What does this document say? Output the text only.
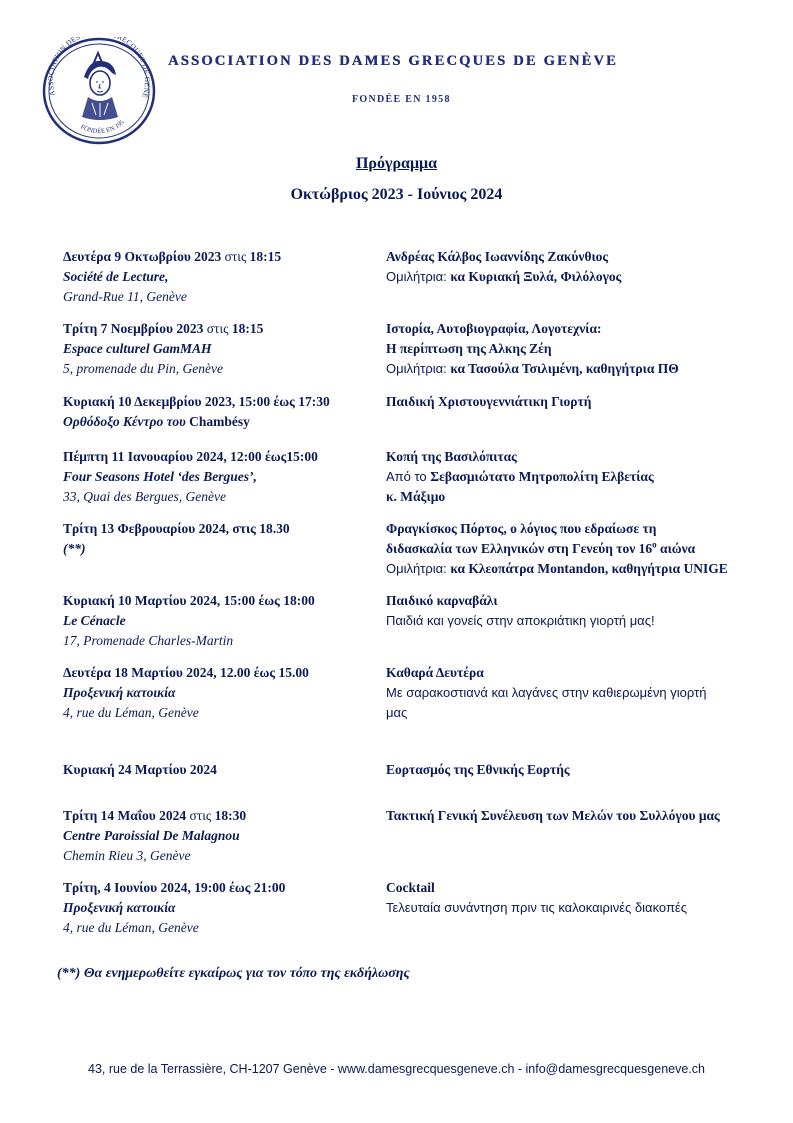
ASSOCIATION DES RECQUES DE GENÈ
FONDÉE EN 195
ASSOCIATION DES DAMES GRECQUES DE GENÈVE
FONDÉE EN 1958
Πρόγραμμα
Οκτώβριος 2023 - Ιούνιος 2024
Δευτέρα 9 Οκτωβρίου 2023 στις 18:15
Société de Lecture,
Grand-Rue 11, Genève
Ανδρέας Κάλβος Ιωαννίδης Ζακύνθιος
Ομιλήτρια: κα Κυριακή Ξυλά, Φιλόλογος
Τρίτη 7 Νοεμβρίου 2023 στις 18:15
Espace culturel GamMAH
5, promenade du Pin, Genève
Ιστορία, Αυτοβιογραφία, Λογοτεχνία:
Η περίπτωση της Αλκης Ζέη
Ομιλήτρια: κα Τασούλα Τσιλιμένη, καθηγήτρια ΠΘ
Κυριακή 10 Δεκεμβρίου 2023, 15:00 έως 17:30
Ορθόδοξο Κέντρο του Chambésy
Παιδική Χριστουγεννιάτικη Γιορτή
Πέμπτη 11 Ιανουαρίου 2024, 12:00 έως15:00
Four Seasons Hotel ‘des Bergues’,
33, Quai des Bergues, Genève
Κοπή της Βασιλόπιτας
Από το Σεβασμιώτατο Μητροπολίτη Ελβετίας
κ. Μάξιμο
Τρίτη 13 Φεβρουαρίου 2024, στις 18.30
(**)
Φραγκίσκος Πόρτος, ο λόγιος που εδραίωσε τη
διδασκαλία των Ελληνικών στη Γενεύη τον $16^o$ αιώνα
Ομιλήτρια: κα Κλεοπάτρα Montandon, καθηγήτρια UNIGE
Κυριακή 10 Μαρτίου 2024, 15:00 έως 18:00
Le Cénacle
17, Promenade Charles-Martin
Παιδικό καρναβάλι
Παιδιά και γονείς στην αποκριάτικη γιορτή μας!
Δευτέρα 18 Μαρτίου 2024, 12.00 έως 15.00
Προξενική κατοικία
4, rue du Léman, Genève
Καθαρά Δευτέρα
Με σαρακοστιανά και λαγάνες στην καθιερωμένη γιορτή μας
Κυριακή 24 Μαρτίου 2024	Εορτασμός της Εθνικής Εορτής
Τρίτη 14 Μαΐου 2024 στις 18:30
Centre Paroissial De Malagnou
Chemin Rieu 3, Genève
Τακτική Γενική Συνέλευση των Μελών του Συλλόγου μας
Τρίτη, 4 Ιουνίου 2024, 19:00 έως 21:00
Προξενική κατοικία
4, rue du Léman, Genève
Cocktail
Τελευταία συνάντηση πριν τις καλοκαιρινές διακοπές
(**) Θα ενημερωθείτε εγκαίρως για τον τόπο της εκδήλωσης
43, rue de la Terrassière, CH-1207 Genève - www.damesgrecquesgeneve.ch - info@damesgrecquesgeneve.ch
